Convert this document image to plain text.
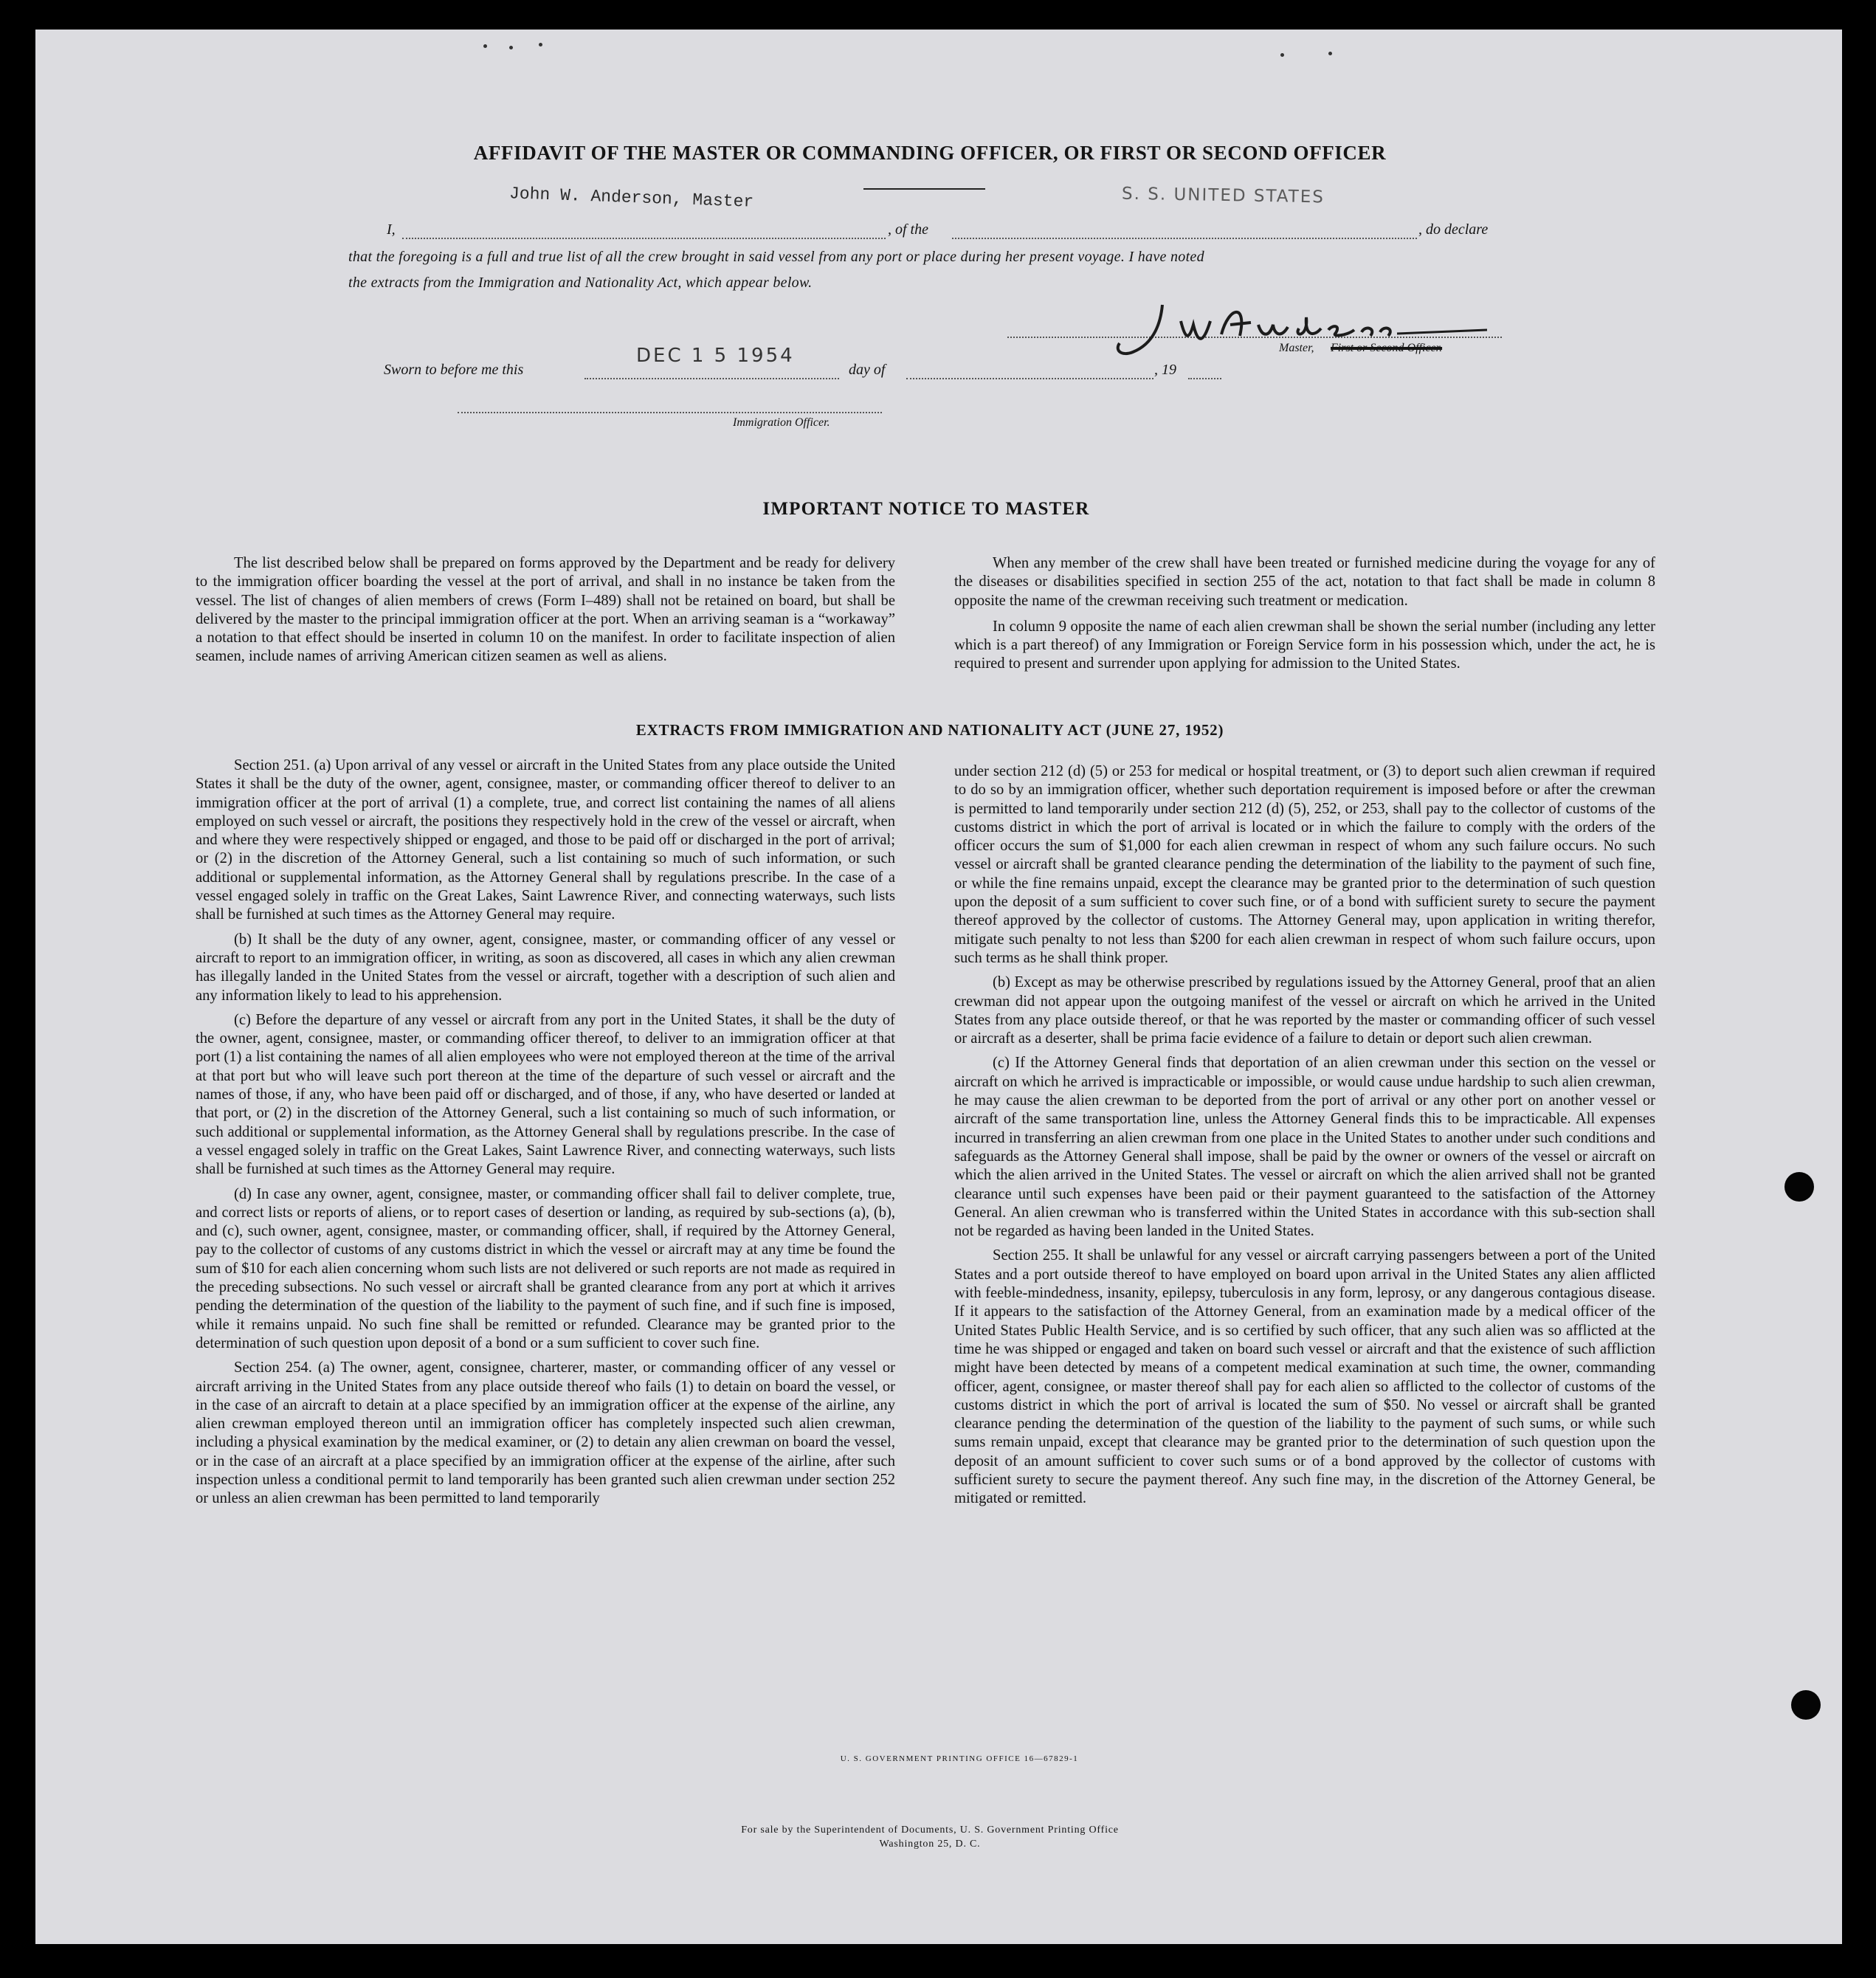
AFFIDAVIT OF THE MASTER OR COMMANDING OFFICER, OR FIRST OR SECOND OFFICER
John W. Anderson, Master	S. S. UNITED STATES
I,	, of the	, do declare
that the foregoing is a full and true list of all the crew brought in said vessel from any port or place during her present voyage. I have noted
the extracts from the Immigration and Nationality Act, which appear below.
Master, First or Second Officer.
Sworn to before me this
DEC 1 5 1954
day of	, 19
Immigration Officer.
IMPORTANT NOTICE TO MASTER

The list described below shall be prepared on forms approved by the Department and be ready for delivery to the immigration officer boarding the vessel at the port of arrival, and shall in no instance be taken from the vessel. The list of changes of alien members of crews (Form I–489) shall not be retained on board, but shall be delivered by the master to the principal immigration officer at the port. When an arriving seaman is a “workaway” a notation to that effect should be inserted in column 10 on the manifest. In order to facilitate inspection of alien seamen, include names of arriving American citizen seamen as well as aliens.

When any member of the crew shall have been treated or furnished medicine during the voyage for any of the diseases or disabilities specified in section 255 of the act, notation to that fact shall be made in column 8 opposite the name of the crewman receiving such treatment or medication.

In column 9 opposite the name of each alien crewman shall be shown the serial number (including any letter which is a part thereof) of any Immigration or Foreign Service form in his possession which, under the act, he is required to present and surrender upon applying for admission to the United States.

EXTRACTS FROM IMMIGRATION AND NATIONALITY ACT (JUNE 27, 1952)

Section 251. (a) Upon arrival of any vessel or aircraft in the United States from any place outside the United States it shall be the duty of the owner, agent, consignee, master, or commanding officer thereof to deliver to an immigration officer at the port of arrival (1) a complete, true, and correct list containing the names of all aliens employed on such vessel or aircraft, the positions they respectively hold in the crew of the vessel or aircraft, when and where they were respectively shipped or engaged, and those to be paid off or discharged in the port of arrival; or (2) in the discretion of the Attorney General, such a list containing so much of such information, or such additional or supplemental information, as the Attorney General shall by regulations prescribe. In the case of a vessel engaged solely in traffic on the Great Lakes, Saint Lawrence River, and connecting waterways, such lists shall be furnished at such times as the Attorney General may require.

(b) It shall be the duty of any owner, agent, consignee, master, or commanding officer of any vessel or aircraft to report to an immigration officer, in writing, as soon as discovered, all cases in which any alien crewman has illegally landed in the United States from the vessel or aircraft, together with a description of such alien and any information likely to lead to his apprehension.

(c) Before the departure of any vessel or aircraft from any port in the United States, it shall be the duty of the owner, agent, consignee, master, or commanding officer thereof, to deliver to an immigration officer at that port (1) a list containing the names of all alien employees who were not employed thereon at the time of the arrival at that port but who will leave such port thereon at the time of the departure of such vessel or aircraft and the names of those, if any, who have been paid off or discharged, and of those, if any, who have deserted or landed at that port, or (2) in the discretion of the Attorney General, such a list containing so much of such information, or such additional or supplemental information, as the Attorney General shall by regulations prescribe. In the case of a vessel engaged solely in traffic on the Great Lakes, Saint Lawrence River, and connecting waterways, such lists shall be furnished at such times as the Attorney General may require.

(d) In case any owner, agent, consignee, master, or commanding officer shall fail to deliver complete, true, and correct lists or reports of aliens, or to report cases of desertion or landing, as required by sub-sections (a), (b), and (c), such owner, agent, consignee, master, or commanding officer, shall, if required by the Attorney General, pay to the collector of customs of any customs district in which the vessel or aircraft may at any time be found the sum of $10 for each alien concerning whom such lists are not delivered or such reports are not made as required in the preceding subsections. No such vessel or aircraft shall be granted clearance from any port at which it arrives pending the determination of the question of the liability to the payment of such fine, and if such fine is imposed, while it remains unpaid. No such fine shall be remitted or refunded. Clearance may be granted prior to the determination of such question upon deposit of a bond or a sum sufficient to cover such fine.

Section 254. (a) The owner, agent, consignee, charterer, master, or commanding officer of any vessel or aircraft arriving in the United States from any place outside thereof who fails (1) to detain on board the vessel, or in the case of an aircraft to detain at a place specified by an immigration officer at the expense of the airline, any alien crewman employed thereon until an immigration officer has completely inspected such alien crewman, including a physical examination by the medical examiner, or (2) to detain any alien crewman on board the vessel, or in the case of an aircraft at a place specified by an immigration officer at the expense of the airline, after such inspection unless a conditional permit to land temporarily has been granted such alien crewman under section 252 or unless an alien crewman has been permitted to land temporarily

under section 212 (d) (5) or 253 for medical or hospital treatment, or (3) to deport such alien crewman if required to do so by an immigration officer, whether such deportation requirement is imposed before or after the crewman is permitted to land temporarily under section 212 (d) (5), 252, or 253, shall pay to the collector of customs of the customs district in which the port of arrival is located or in which the failure to comply with the orders of the officer occurs the sum of $1,000 for each alien crewman in respect of whom any such failure occurs. No such vessel or aircraft shall be granted clearance pending the determination of the liability to the payment of such fine, or while the fine remains unpaid, except the clearance may be granted prior to the determination of such question upon the deposit of a sum sufficient to cover such fine, or of a bond with sufficient surety to secure the payment thereof approved by the collector of customs. The Attorney General may, upon application in writing therefor, mitigate such penalty to not less than $200 for each alien crewman in respect of whom such failure occurs, upon such terms as he shall think proper.

(b) Except as may be otherwise prescribed by regulations issued by the Attorney General, proof that an alien crewman did not appear upon the outgoing manifest of the vessel or aircraft on which he arrived in the United States from any place outside thereof, or that he was reported by the master or commanding officer of such vessel or aircraft as a deserter, shall be prima facie evidence of a failure to detain or deport such alien crewman.

(c) If the Attorney General finds that deportation of an alien crewman under this section on the vessel or aircraft on which he arrived is impracticable or impossible, or would cause undue hardship to such alien crewman, he may cause the alien crewman to be deported from the port of arrival or any other port on another vessel or aircraft of the same transportation line, unless the Attorney General finds this to be impracticable. All expenses incurred in transferring an alien crewman from one place in the United States to another under such conditions and safeguards as the Attorney General shall impose, shall be paid by the owner or owners of the vessel or aircraft on which the alien arrived in the United States. The vessel or aircraft on which the alien arrived shall not be granted clearance until such expenses have been paid or their payment guaranteed to the satisfaction of the Attorney General. An alien crewman who is transferred within the United States in accordance with this sub-section shall not be regarded as having been landed in the United States.

Section 255. It shall be unlawful for any vessel or aircraft carrying passengers between a port of the United States and a port outside thereof to have employed on board upon arrival in the United States any alien afflicted with feeble-mindedness, insanity, epilepsy, tuberculosis in any form, leprosy, or any dangerous contagious disease. If it appears to the satisfaction of the Attorney General, from an examination made by a medical officer of the United States Public Health Service, and is so certified by such officer, that any such alien was so afflicted at the time he was shipped or engaged and taken on board such vessel or aircraft and that the existence of such affliction might have been detected by means of a competent medical examination at such time, the owner, commanding officer, agent, consignee, or master thereof shall pay for each alien so afflicted to the collector of customs of the customs district in which the port of arrival is located the sum of $50. No vessel or aircraft shall be granted clearance pending the determination of the question of the liability to the payment of such sums, or while such sums remain unpaid, except that clearance may be granted prior to the determination of such question upon the deposit of an amount sufficient to cover such sums or of a bond approved by the collector of customs with sufficient surety to secure the payment thereof. Any such fine may, in the discretion of the Attorney General, be mitigated or remitted.

U. S. GOVERNMENT PRINTING OFFICE 16—67829-1
For sale by the Superintendent of Documents, U. S. Government Printing Office
Washington 25, D. C.
